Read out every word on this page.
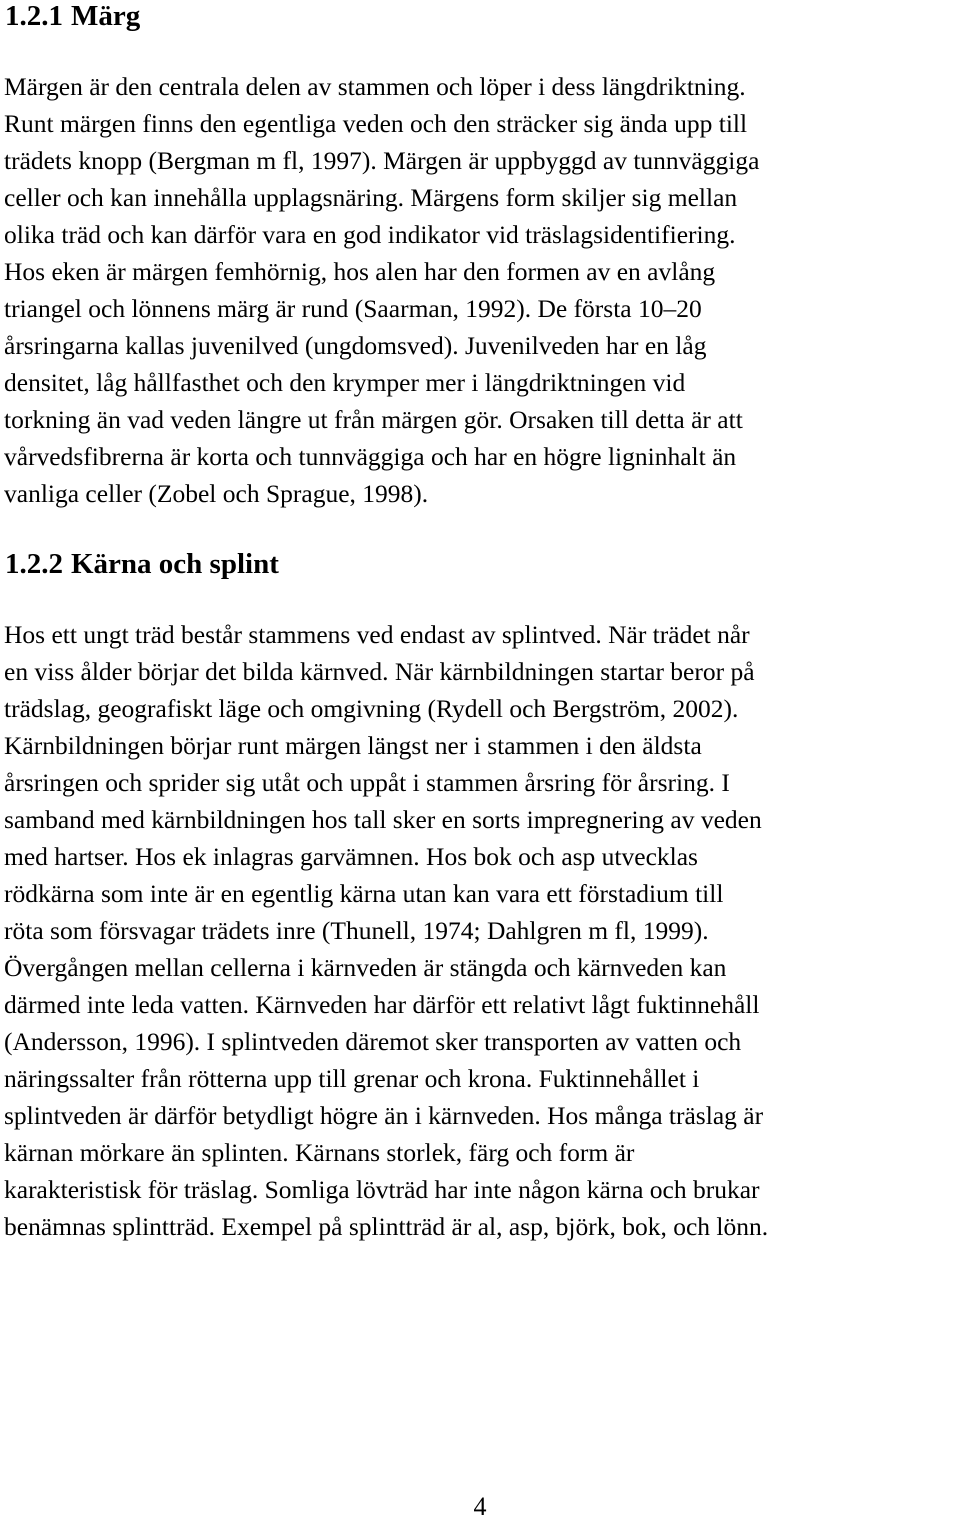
1.2.1 Märg

Märgen är den centrala delen av stammen och löper i dess längdriktning.

Runt märgen finns den egentliga veden och den sträcker sig ända upp till

trädets knopp (Bergman m fl, 1997). Märgen är uppbyggd av tunnväggiga

celler och kan innehålla upplagsnäring. Märgens form skiljer sig mellan

olika träd och kan därför vara en god indikator vid träslagsidentifiering.

Hos eken är märgen femhörnig, hos alen har den formen av en avlång

triangel och lönnens märg är rund (Saarman, 1992). De första 10–20

årsringarna kallas juvenilved (ungdomsved). Juvenilveden har en låg

densitet, låg hållfasthet och den krymper mer i längdriktningen vid

torkning än vad veden längre ut från märgen gör. Orsaken till detta är att

vårvedsfibrerna är korta och tunnväggiga och har en högre ligninhalt än

vanliga celler (Zobel och Sprague, 1998).

1.2.2 Kärna och splint

Hos ett ungt träd består stammens ved endast av splintved. När trädet når

en viss ålder börjar det bilda kärnved. När kärnbildningen startar beror på

trädslag, geografiskt läge och omgivning (Rydell och Bergström, 2002).

Kärnbildningen börjar runt märgen längst ner i stammen i den äldsta

årsringen och sprider sig utåt och uppåt i stammen årsring för årsring. I

samband med kärnbildningen hos tall sker en sorts impregnering av veden

med hartser. Hos ek inlagras garvämnen. Hos bok och asp utvecklas

rödkärna som inte är en egentlig kärna utan kan vara ett förstadium till

röta som försvagar trädets inre (Thunell, 1974; Dahlgren m fl, 1999).

Övergången mellan cellerna i kärnveden är stängda och kärnveden kan

därmed inte leda vatten. Kärnveden har därför ett relativt lågt fuktinnehåll

(Andersson, 1996). I splintveden däremot sker transporten av vatten och

näringssalter från rötterna upp till grenar och krona. Fuktinnehållet i

splintveden är därför betydligt högre än i kärnveden. Hos många träslag är

kärnan mörkare än splinten. Kärnans storlek, färg och form är

karakteristisk för träslag. Somliga lövträd har inte någon kärna och brukar

benämnas splintträd. Exempel på splintträd är al, asp, björk, bok, och lönn.

4
